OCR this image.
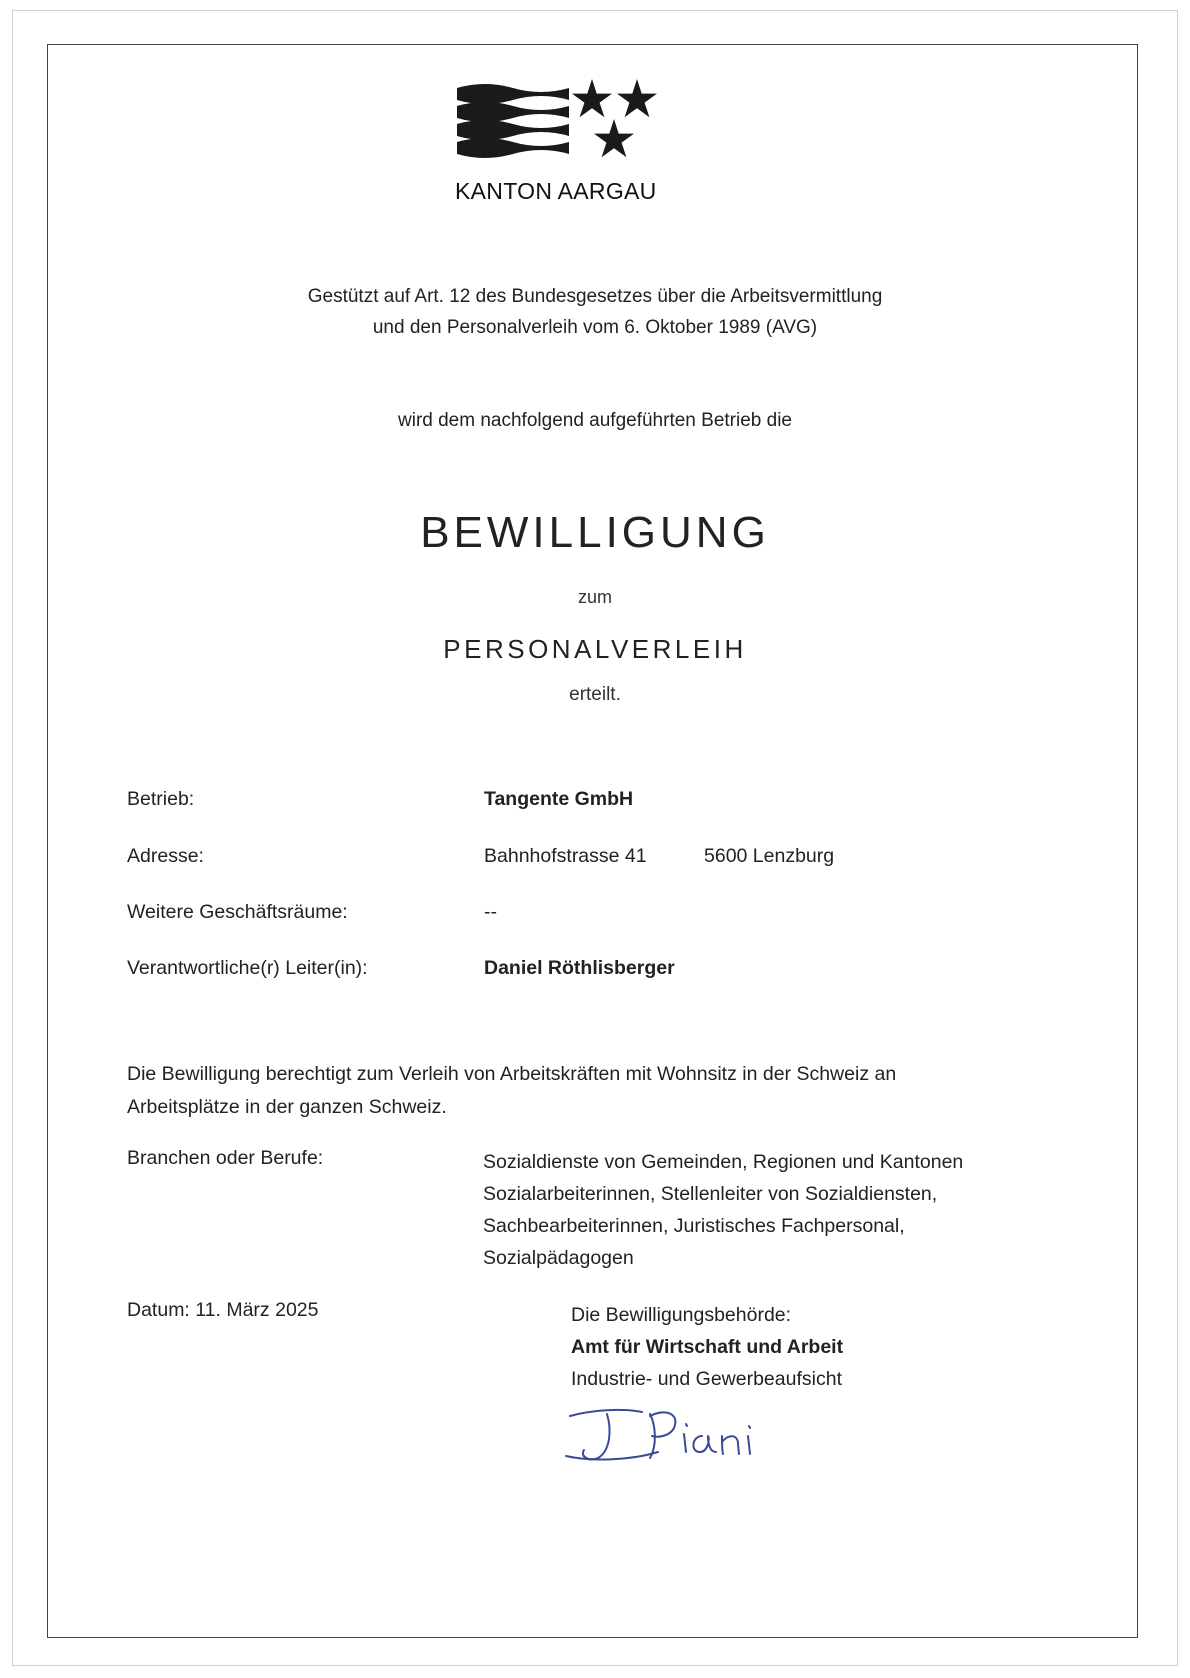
KANTON AARGAU
Gestützt auf Art. 12 des Bundesgesetzes über die Arbeitsvermittlung
und den Personalverleih vom 6. Oktober 1989 (AVG)
wird dem nachfolgend aufgeführten Betrieb die
BEWILLIGUNG
zum
PERSONALVERLEIH
erteilt.
Betrieb:	Tangente GmbH
Adresse:	Bahnhofstrasse 41	5600 Lenzburg
Weitere Geschäftsräume:	--
Verantwortliche(r) Leiter(in):	Daniel Röthlisberger
Die Bewilligung berechtigt zum Verleih von Arbeitskräften mit Wohnsitz in der Schweiz an
Arbeitsplätze in der ganzen Schweiz.
Branchen oder Berufe:	Sozialdienste von Gemeinden, Regionen und Kantonen
Sozialarbeiterinnen, Stellenleiter von Sozialdiensten,
Sachbearbeiterinnen, Juristisches Fachpersonal,
Sozialpädagogen
Datum: 11. März 2025	Die Bewilligungsbehörde:
Amt für Wirtschaft und Arbeit
Industrie- und Gewerbeaufsicht
